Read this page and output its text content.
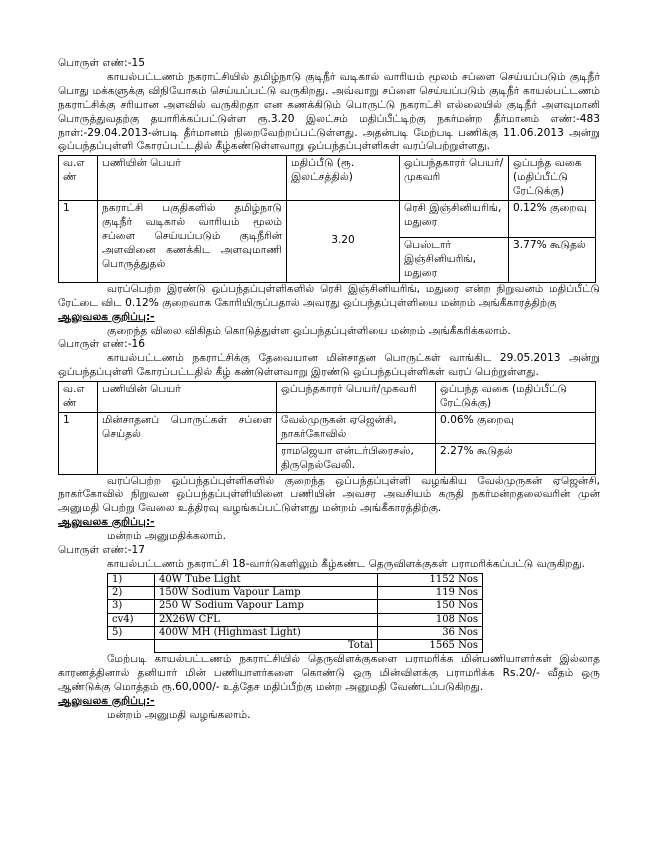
பொருள் எண்:-15

காயல்பட்டணம் நகராட்சியில் தமிழ்நாடு குடிநீர் வடிகால் வாரியம் மூலம் சப்ளை செய்யப்படும் குடிநீர் பொது மக்களுக்கு விநியோகம் செய்யப்பட்டு வருகிறது. அவ்வாறு சப்ளை செய்யப்படும் குடிநீர் காயல்பட்டணம் நகராட்சிக்கு சரியான அளவில் வருகிறதா என கணக்கிடும் பொருட்டு நகராட்சி எல்லையில் குடிநீர் அளவுமானி பொருத்துவதற்கு தயாரிக்கப்பட்டுள்ள ரூ.3.20 இலட்சம் மதிப்பீட்டிற்கு நகர்மன்ற தீர்மானம் எண்:-483 நாள்:-29.04.2013-ன்படி தீர்மானம் நிறைவேற்றப்பட்டுள்ளது. அதன்படி மேற்படி பணிக்கு 11.06.2013 அன்று ஒப்பந்தப்புள்ளி கோரப்பட்டதில் கீழ்கண்டுள்ளவாறு ஒப்பந்தப்புள்ளிகள் வரப்பெற்றுள்ளது.

வ.எ ண்	பணியின் பெயர்	மதிப்பீடு (ரூ. இலட்சத்தில்)	ஒப்பந்தகாரர் பெயர்/முகவரி	ஒப்பந்த வகை (மதிப்பீட்டு ரேட்டுக்கு)
1	நகராட்சி பகுதிகளில் தமிழ்நாடு குடிநீர் வடிகால் வாரியம் மூலம் சப்ளை செய்யப்படும் குடிநீரின் அளவினை கணக்கிட அளவுமாணி பொருத்துதல்	3.20	ரெசி இஞ்சினியரிங், மதுரை	0.12% குறைவு
			பெஸ்டார் இஞ்சினியரிங், மதுரை	3.77% கூடுதல்

வரப்பெற்ற இரண்டு ஒப்பந்தப்புள்ளிகளில் ரெசி இஞ்சினியரிங், மதுரை என்ற நிறுவனம் மதிப்பீட்டு ரேட்டை விட 0.12% குறைவாக கோரியிருப்பதால் அவரது ஒப்பந்தப்புள்ளியை மன்றம் அங்கீகாரத்திற்கு

ஆலுவலக குறிப்பு:-

குறைந்த விலை விகிதம் கொடுத்துள்ள ஒப்பந்தப்புள்ளியை மன்றம் அங்கீகரிக்கலாம்.

பொருள் எண்:-16

காயல்பட்டணம் நகராட்சிக்கு தேவையான மின்சாதன பொருட்கள் வாங்கிட 29.05.2013 அன்று ஒப்பந்தப்புள்ளி கோரப்பட்டதில் கீழ் கண்டுள்ளவாறு இரண்டு ஒப்பந்தப்புள்ளிகள் வரப் பெற்றுள்ளது.

வ.எ ண்	பணியின் பெயர்	ஒப்பந்தகாரர் பெயர்/முகவரி	ஒப்பந்த வகை (மதிப்பீட்டு ரேட்டுக்கு)
1	மின்சாதனப் பொருட்கள் சப்ளை செய்தல்	வேல்முருகன் ஏஜென்சி, நாகர்கோவில்	0.06% குறைவு
		ராமஜெயா என்டர்பிரைசஸ், திருநெல்வேலி.	2.27% கூடுதல்

வரப்பெற்ற ஒப்பந்தப்புள்ளிகளில் குறைந்த ஒப்பந்தப்புள்ளி வழங்கிய வேல்முருகன் ஏஜென்சி, நாகர்கோவில் நிறுவன ஒப்பந்தப்புள்ளியினை பணியின் அவசர அவசியம் கருதி நகர்மன்றதலைவரின் முன் அனுமதி பெற்று வேலை உத்திரவு வழங்கப்பட்டுள்ளது மன்றம் அங்கீகாரத்திற்கு.

ஆலுவலக குறிப்பு:-

மன்றம் அனுமதிக்கலாம்.

பொருள் எண்:-17

காயல்பட்டணம் நகராட்சி 18-வார்டுகளிலும் கீழ்கண்ட தெருவிளக்குகள் பராமரிக்கப்பட்டு வருகிறது.

1)	40W Tube Light	1152 Nos
2)	150W Sodium Vapour Lamp	119 Nos
3)	250 W Sodium Vapour Lamp	150 Nos
cv4)	2X26W CFL	108 Nos
5)	400W MH (Highmast Light)	36 Nos
	Total	1565 Nos

மேற்படி காயல்பட்டணம் நகராட்சியில் தெருவிளக்குகளை பராமரிக்க மின்பணியாளர்கள் இல்லாத காரணத்தினால் தனியார் மின் பணியாளர்களை கொண்டு ஒரு மின்விளக்கு பராமரிக்க Rs.20/- வீதம் ஒரு ஆண்டுக்கு மொத்தம் ரூ.60,000/- உத்தேச மதிப்பீற்கு மன்ற அனுமதி வேண்டப்படுகிறது.

ஆலுவலக குறிப்பு:-

மன்றம் அனுமதி வழங்கலாம்.
